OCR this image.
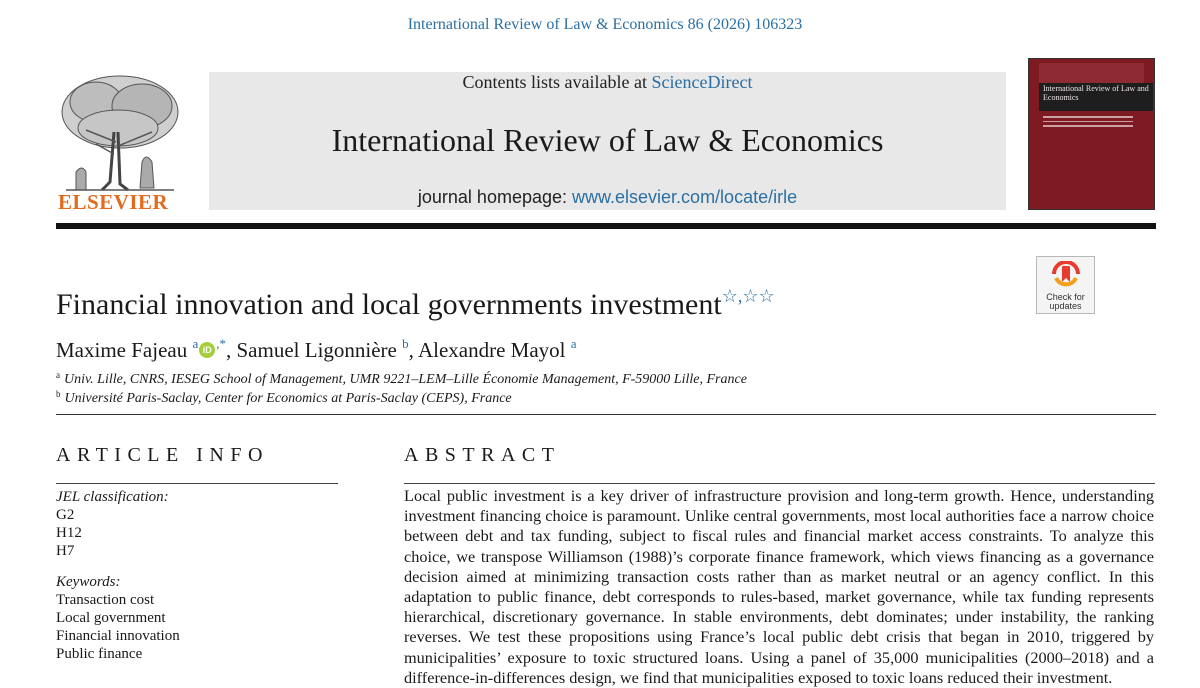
International Review of Law & Economics 86 (2026) 106323
ELSEVIER
Contents lists available at ScienceDirect
International Review of Law & Economics
journal homepage: www.elsevier.com/locate/irle
International Review of Law and Economics
Check for
updates
Financial innovation and local governments investment☆,☆☆
Maxime Fajeau $^a$ iD ,*, Samuel Ligonnière $^b$, Alexandre Mayol $^a$
$^a$ Univ. Lille, CNRS, IESEG School of Management, UMR 9221–LEM–Lille Économie Management, F-59000 Lille, France
$^b$ Université Paris-Saclay, Center for Economics at Paris-Saclay (CEPS), France
ARTICLE INFO	ABSTRACT
JEL classification:
G2
H12
H7
Keywords:
Transaction cost
Local government
Financial innovation
Public finance
Local public investment is a key driver of infrastructure provision and long-term growth. Hence, understanding investment financing choice is paramount. Unlike central governments, most local authorities face a narrow choice between debt and tax funding, subject to fiscal rules and financial market access constraints. To analyze this choice, we transpose Williamson (1988)’s corporate finance framework, which views financing as a governance decision aimed at minimizing transaction costs rather than as market neutral or an agency conflict. In this adaptation to public finance, debt corresponds to rules-based, market governance, while tax funding represents hierarchical, discretionary governance. In stable environments, debt dominates; under instability, the ranking reverses. We test these propositions using France’s local public debt crisis that began in 2010, triggered by municipalities’ exposure to toxic structured loans. Using a panel of 35,000 municipalities (2000–2018) and a difference-in-differences design, we find that municipalities exposed to toxic loans reduced their investment.
